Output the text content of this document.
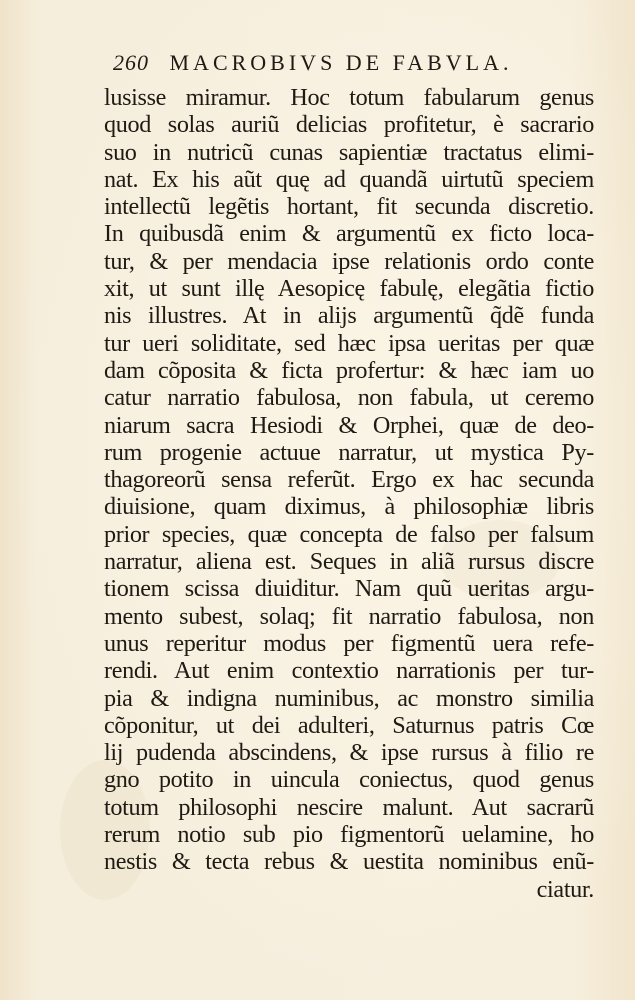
260 MACROBIVS DE FABVLA.
lusisse miramur. Hoc totum fabularum genus
quod solas auriũ delicias profitetur, è sacrario
suo in nutricũ cunas sapientiæ tractatus elimi-
nat. Ex his aũt quę ad quandã uirtutũ speciem
intellectũ legẽtis hortant, fit secunda discretio.
In quibusdã enim & argumentũ ex ficto loca-
tur, & per mendacia ipse relationis ordo conte
xit, ut sunt illę Aesopicę fabulę, elegãtia fictio
nis illustres. At in alijs argumentũ q̃dẽ funda
tur ueri soliditate, sed hæc ipsa ueritas per quæ
dam cõposita & ficta profertur: & hæc iam uo
catur narratio fabulosa, non fabula, ut ceremo
niarum sacra Hesiodi & Orphei, quæ de deo-
rum progenie actuue narratur, ut mystica Py-
thagoreorũ sensa referũt. Ergo ex hac secunda
diuisione, quam diximus, à philosophiæ libris
prior species, quæ concepta de falso per falsum
narratur, aliena est. Seques in aliã rursus discre
tionem scissa diuiditur. Nam quũ ueritas argu-
mento subest, solaq; fit narratio fabulosa, non
unus reperitur modus per figmentũ uera refe-
rendi. Aut enim contextio narrationis per tur-
pia & indigna numinibus, ac monstro similia
cõponitur, ut dei adulteri, Saturnus patris Cœ
lij pudenda abscindens, & ipse rursus à filio re
gno potito in uincula coniectus, quod genus
totum philosophi nescire malunt. Aut sacrarũ
rerum notio sub pio figmentorũ uelamine, ho
nestis & tecta rebus & uestita nominibus enũ-
ciatur.
